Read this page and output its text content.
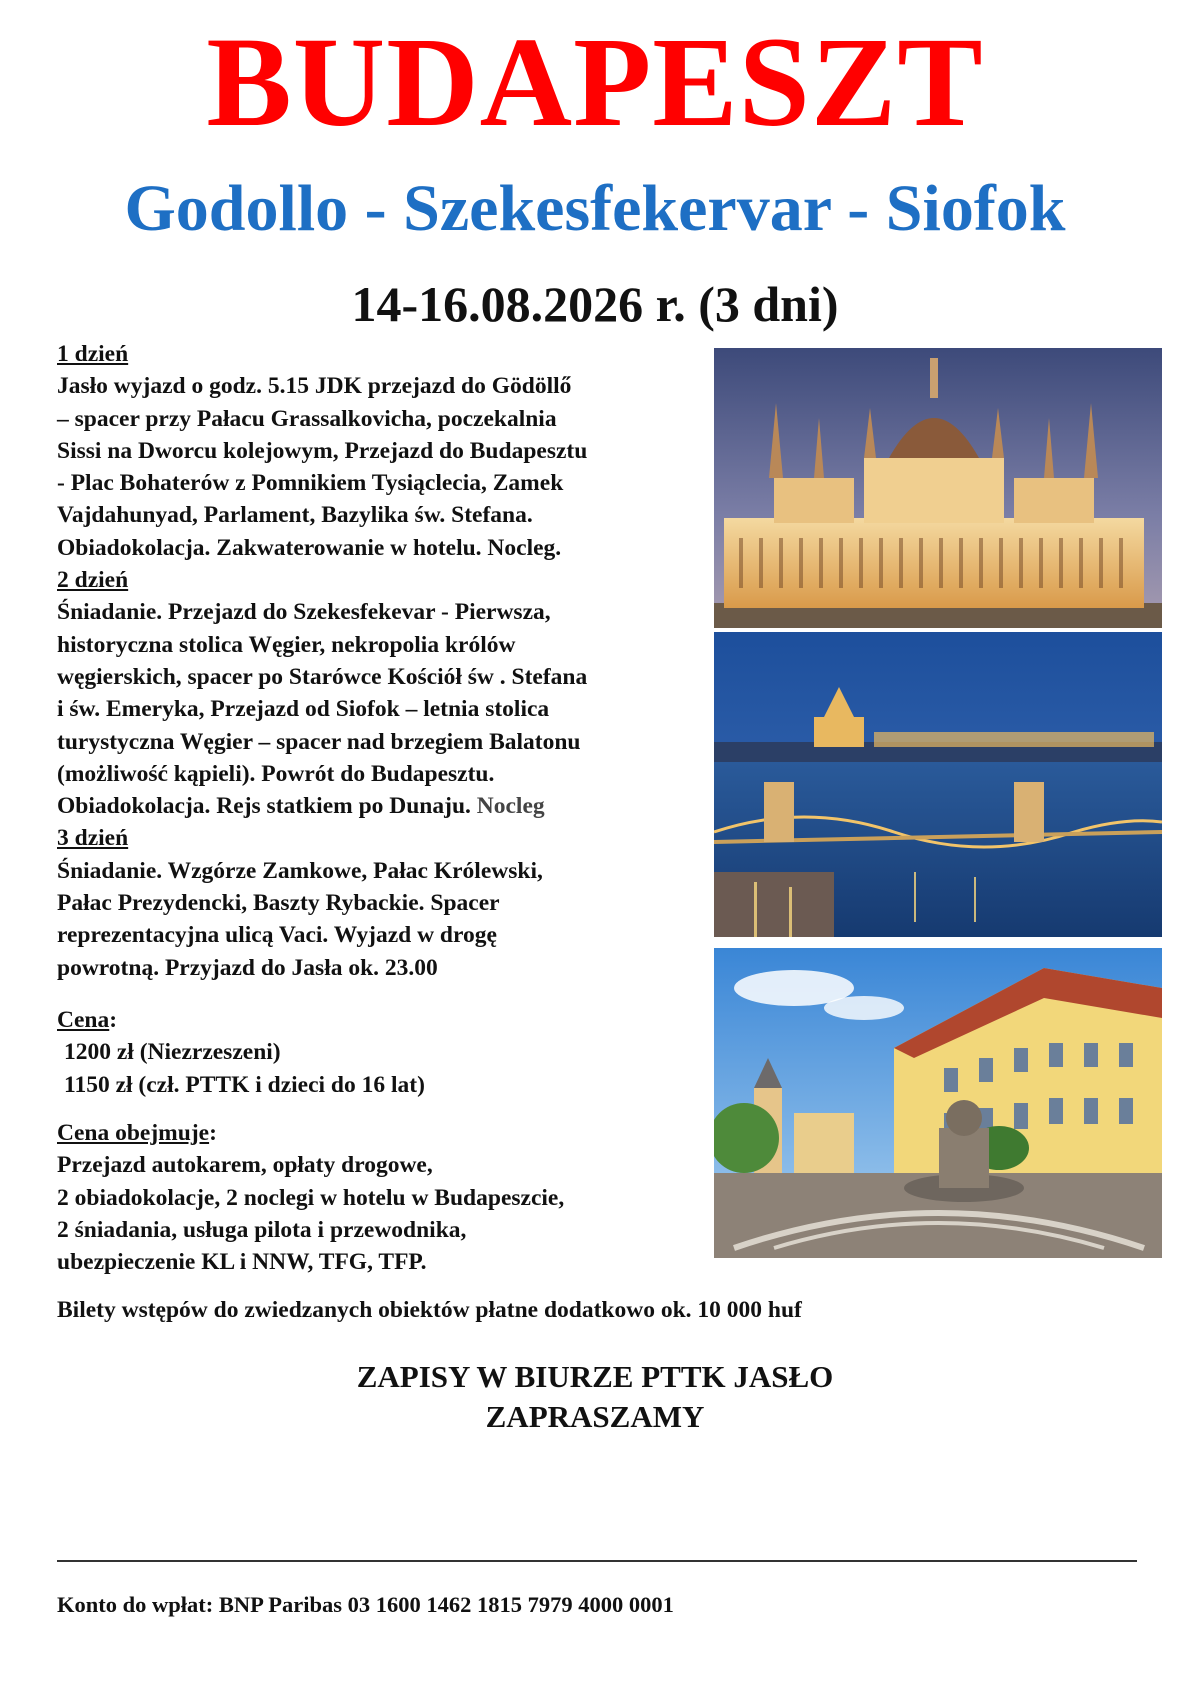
BUDAPESZT
Godollo - Szekesfekervar - Siofok
14-16.08.2026 r. (3 dni)

1 dzień

Jasło wyjazd o godz. 5.15 JDK przejazd do Gödöllő

– spacer przy Pałacu Grassalkovicha, poczekalnia

Sissi na Dworcu kolejowym, Przejazd do Budapesztu

- Plac Bohaterów z Pomnikiem Tysiąclecia, Zamek

Vajdahunyad, Parlament, Bazylika św. Stefana.

Obiadokolacja. Zakwaterowanie w hotelu. Nocleg.

2 dzień

Śniadanie. Przejazd do Szekesfekevar - Pierwsza,

historyczna stolica Węgier, nekropolia królów

węgierskich, spacer po Starówce Kościół św . Stefana

i św. Emeryka, Przejazd od Siofok – letnia stolica

turystyczna Węgier – spacer nad brzegiem Balatonu

(możliwość kąpieli). Powrót do Budapesztu.

Obiadokolacja. Rejs statkiem po Dunaju. Nocleg

3 dzień

Śniadanie. Wzgórze Zamkowe, Pałac Królewski,

Pałac Prezydencki, Baszty Rybackie. Spacer

reprezentacyjna ulicą Vaci. Wyjazd w drogę

powrotną. Przyjazd do Jasła ok. 23.00

Cena:

1200 zł (Niezrzeszeni)

1150 zł (czł. PTTK i dzieci do 16 lat)

Cena obejmuje:

Przejazd autokarem, opłaty drogowe,

2 obiadokolacje, 2 noclegi w hotelu w Budapeszcie,

2 śniadania, usługa pilota i przewodnika,

ubezpieczenie KL i NNW, TFG, TFP.

Bilety wstępów do zwiedzanych obiektów płatne dodatkowo ok. 10 000 huf
ZAPISY W BIURZE PTTK JASŁO
ZAPRASZAMY
Konto do wpłat: BNP Paribas 03 1600 1462 1815 7979 4000 0001
